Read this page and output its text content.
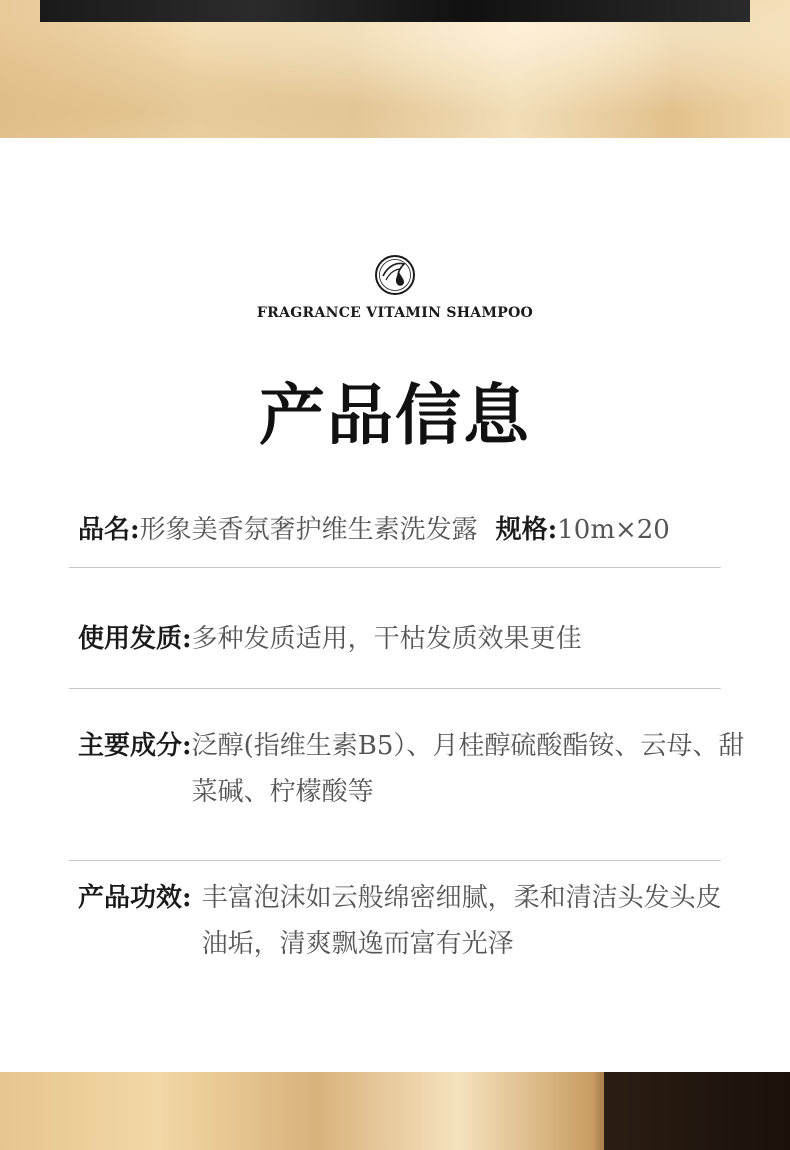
FRAGRANCE VITAMIN SHAMPOO
产品信息
品名:形象美香氛奢护维生素洗发露 规格:10m×20
使用发质:多种发质适用，干枯发质效果更佳
主要成分: 泛醇(指维生素B5）、月桂醇硫酸酯铵、云母、甜菜碱、柠檬酸等
产品功效: 丰富泡沫如云般绵密细腻，柔和清洁头发头皮油垢，清爽飘逸而富有光泽
